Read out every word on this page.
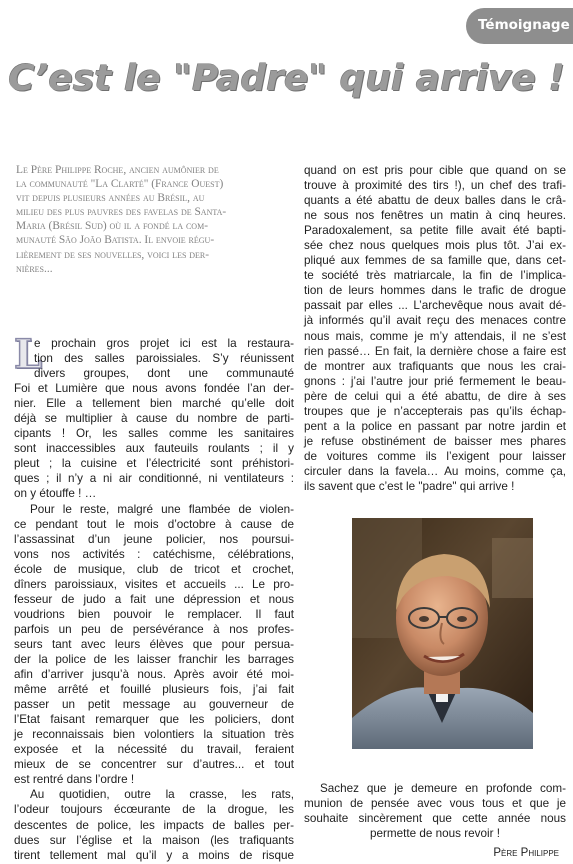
Témoignage
C’est le "Padre" qui arrive !

Le Père Philippe Roche, ancien aumônier de

la communauté "La Clarté" (France Ouest)

vit depuis plusieurs années au Brésil, au

milieu des plus pauvres des favelas de Santa-

Maria (Brésil Sud) où il a fondé la com-

munauté São João Batista. Il envoie régu-

lièrement de ses nouvelles, voici les der-

nières...

L

e prochain gros projet ici est la restaura-

tion des salles paroissiales. S’y réunissent

divers groupes, dont une communauté

Foi et Lumière que nous avons fondée l’an der-

nier. Elle a tellement bien marché qu’elle doit

déjà se multiplier à cause du nombre de parti-

cipants ! Or, les salles comme les sanitaires

sont inaccessibles aux fauteuils roulants ; il y

pleut ; la cuisine et l’électricité sont préhistori-

ques ; il n’y a ni air conditionné, ni ventilateurs :

on y étouffe ! …

Pour le reste, malgré une flambée de violen-

ce pendant tout le mois d’octobre à cause de

l’assassinat d’un jeune policier, nos poursui-

vons nos activités : catéchisme, célébrations,

école de musique, club de tricot et crochet,

dîners paroissiaux, visites et accueils ... Le pro-

fesseur de judo a fait une dépression et nous

voudrions bien pouvoir le remplacer. Il faut

parfois un peu de persévérance à nos profes-

seurs tant avec leurs élèves que pour persua-

der la police de les laisser franchir les barrages

afin d’arriver jusqu’à nous. Après avoir été moi-

même arrêté et fouillé plusieurs fois, j’ai fait

passer un petit message au gouverneur de

l’Etat faisant remarquer que les policiers, dont

je reconnaissais bien volontiers la situation très

exposée et la nécessité du travail, feraient

mieux de se concentrer sur d’autres... et tout

est rentré dans l’ordre !

Au quotidien, outre la crasse, les rats,

l’odeur toujours écœurante de la drogue, les

descentes de police, les impacts de balles per-

dues sur l’église et la maison (les trafiquants

tirent tellement mal qu’il y a moins de risque

quand on est pris pour cible que quand on se

trouve à proximité des tirs !), un chef des trafi-

quants a été abattu de deux balles dans le crâ-

ne sous nos fenêtres un matin à cinq heures.

Paradoxalement, sa petite fille avait été bapti-

sée chez nous quelques mois plus tôt. J’ai ex-

pliqué aux femmes de sa famille que, dans cet-

te société très matriarcale, la fin de l’implica-

tion de leurs hommes dans le trafic de drogue

passait par elles ... L’archevêque nous avait dé-

jà informés qu’il avait reçu des menaces contre

nous mais, comme je m’y attendais, il ne s’est

rien passé… En fait, la dernière chose a faire est

de montrer aux trafiquants que nous les crai-

gnons : j’ai l’autre jour prié fermement le beau-

père de celui qui a été abattu, de dire à ses

troupes que je n’accepterais pas qu’ils échap-

pent a la police en passant par notre jardin et

je refuse obstinément de baisser mes phares

de voitures comme ils l’exigent pour laisser

circuler dans la favela… Au moins, comme ça,

ils savent que c’est le "padre" qui arrive !

Sachez que je demeure en profonde com-

munion de pensée avec vous tous et que je

souhaite sincèrement que cette année nous

permette de nous revoir !

Père Philippe
